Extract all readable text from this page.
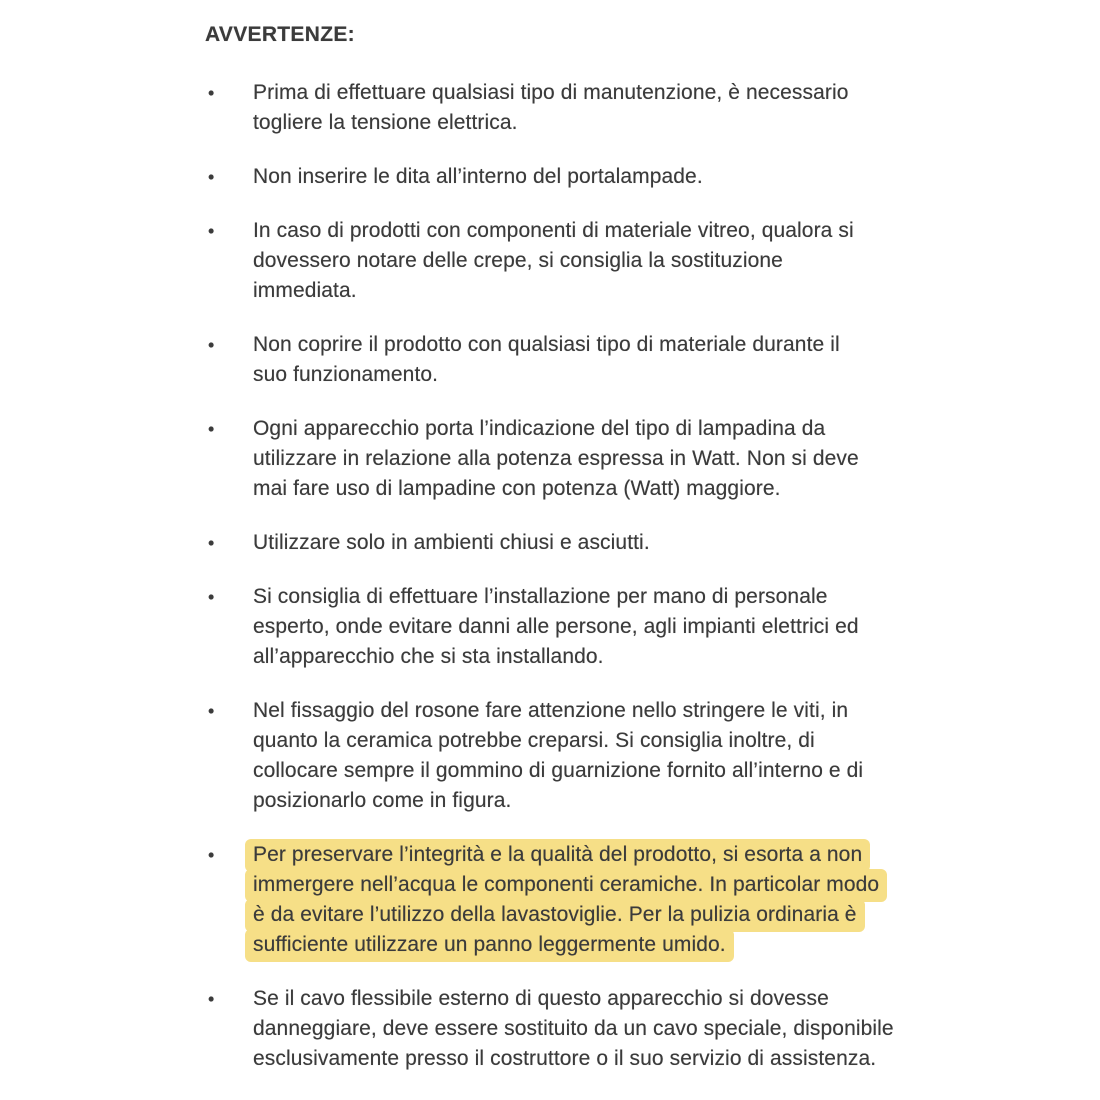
AVVERTENZE:
•	Prima di effettuare qualsiasi tipo di manutenzione, è necessario
togliere la tensione elettrica.
•	Non inserire le dita all’interno del portalampade.
•	In caso di prodotti con componenti di materiale vitreo, qualora si
dovessero notare delle crepe, si consiglia la sostituzione
immediata.
•	Non coprire il prodotto con qualsiasi tipo di materiale durante il
suo funzionamento.
•	Ogni apparecchio porta l’indicazione del tipo di lampadina da
utilizzare in relazione alla potenza espressa in Watt. Non si deve
mai fare uso di lampadine con potenza (Watt) maggiore.
•	Utilizzare solo in ambienti chiusi e asciutti.
•	Si consiglia di effettuare l’installazione per mano di personale
esperto, onde evitare danni alle persone, agli impianti elettrici ed
all’apparecchio che si sta installando.
•	Nel fissaggio del rosone fare attenzione nello stringere le viti, in
quanto la ceramica potrebbe creparsi. Si consiglia inoltre, di
collocare sempre il gommino di guarnizione fornito all’interno e di
posizionarlo come in figura.
•	Per preservare l’integrità e la qualità del prodotto, si esorta a non
immergere nell’acqua le componenti ceramiche. In particolar modo
è da evitare l’utilizzo della lavastoviglie. Per la pulizia ordinaria è
sufficiente utilizzare un panno leggermente umido.
•	Se il cavo flessibile esterno di questo apparecchio si dovesse
danneggiare, deve essere sostituito da un cavo speciale, disponibile
esclusivamente presso il costruttore o il suo servizio di assistenza.
